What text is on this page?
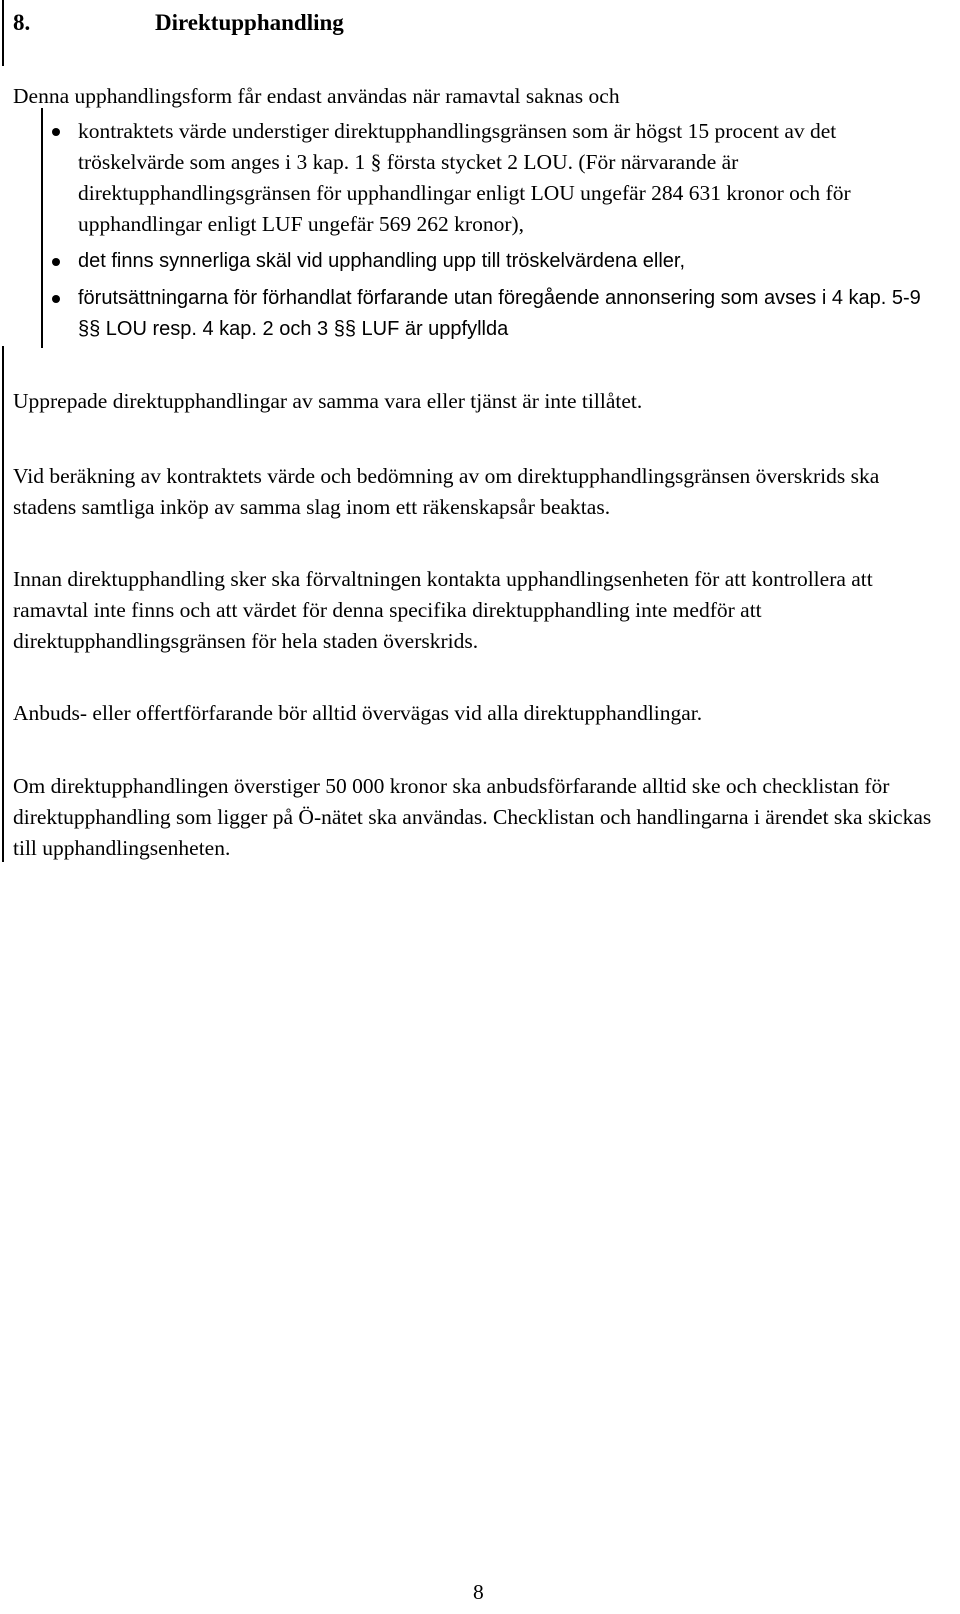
8.	Direktupphandling

Denna upphandlingsform får endast användas när ramavtal saknas och

kontraktets värde understiger direktupphandlingsgränsen som är högst 15 procent av det tröskelvärde som anges i 3 kap. 1 § första stycket 2 LOU. (För närvarande är direktupphandlingsgränsen för upphandlingar enligt LOU ungefär 284 631 kronor och för upphandlingar enligt LUF ungefär 569 262 kronor),
det finns synnerliga skäl vid upphandling upp till tröskelvärdena eller,
förutsättningarna för förhandlat förfarande utan föregående annonsering som avses i 4 kap. 5-9 §§ LOU resp. 4 kap. 2 och 3 §§ LUF är uppfyllda

Upprepade direktupphandlingar av samma vara eller tjänst är inte tillåtet.

Vid beräkning av kontraktets värde och bedömning av om direktupphandlingsgränsen överskrids ska stadens samtliga inköp av samma slag inom ett räkenskapsår beaktas.

Innan direktupphandling sker ska förvaltningen kontakta upphandlingsenheten för att kontrollera att ramavtal inte finns och att värdet för denna specifika direktupphandling inte medför att direktupphandlingsgränsen för hela staden överskrids.

Anbuds- eller offertförfarande bör alltid övervägas vid alla direktupphandlingar.

Om direktupphandlingen överstiger 50 000 kronor ska anbudsförfarande alltid ske och checklistan för direktupphandling som ligger på Ö-nätet ska användas. Checklistan och handlingarna i ärendet ska skickas till upphandlingsenheten.

8
